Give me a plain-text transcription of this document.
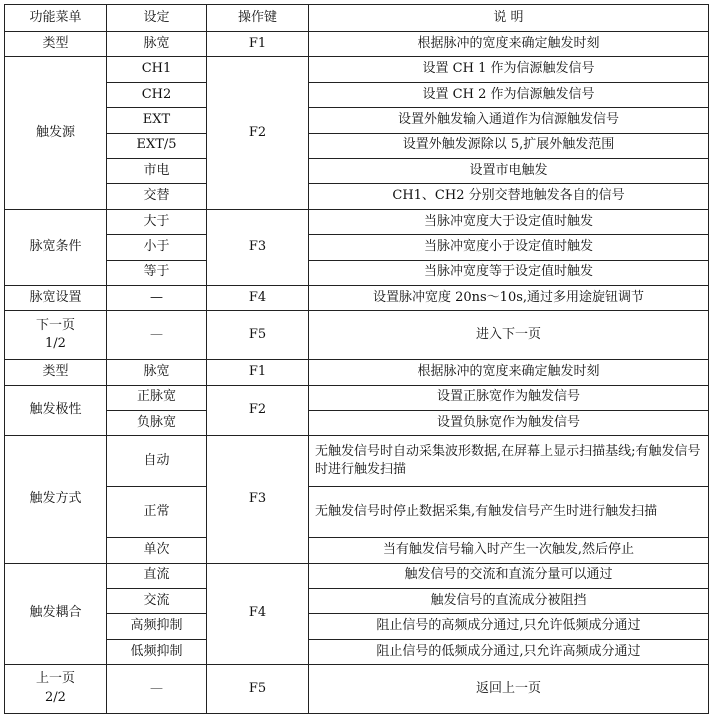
功能菜单	设定	操作键	说 明
类型	脉宽	F1	根据脉冲的宽度来确定触发时刻
触发源	CH1	F2	设置 CH 1 作为信源触发信号
	CH2		设置 CH 2 作为信源触发信号
	EXT		设置外触发输入通道作为信源触发信号
	EXT/5		设置外触发源除以 5,扩展外触发范围
	市电		设置市电触发
	交替		CH1、CH2 分别交替地触发各自的信号
脉宽条件	大于	F3	当脉冲宽度大于设定值时触发
	小于		当脉冲宽度小于设定值时触发
	等于		当脉冲宽度等于设定值时触发
脉宽设置	—	F4	设置脉冲宽度 20ns～10s,通过多用途旋钮调节

下一页
1/2	—	F5	进入下一页
类型	脉宽	F1	根据脉冲的宽度来确定触发时刻
触发极性	正脉宽	F2	设置正脉宽作为触发信号
	负脉宽		设置负脉宽作为触发信号
触发方式	自动	F3	无触发信号时自动采集波形数据,在屏幕上显示扫描基线;有触发信号时进行触发扫描
	正常		无触发信号时停止数据采集,有触发信号产生时进行触发扫描
	单次		当有触发信号输入时产生一次触发,然后停止
触发耦合	直流	F4	触发信号的交流和直流分量可以通过
	交流		触发信号的直流成分被阻挡
	高频抑制		阻止信号的高频成分通过,只允许低频成分通过
	低频抑制		阻止信号的低频成分通过,只允许高频成分通过

上一页
2/2	—	F5	返回上一页
